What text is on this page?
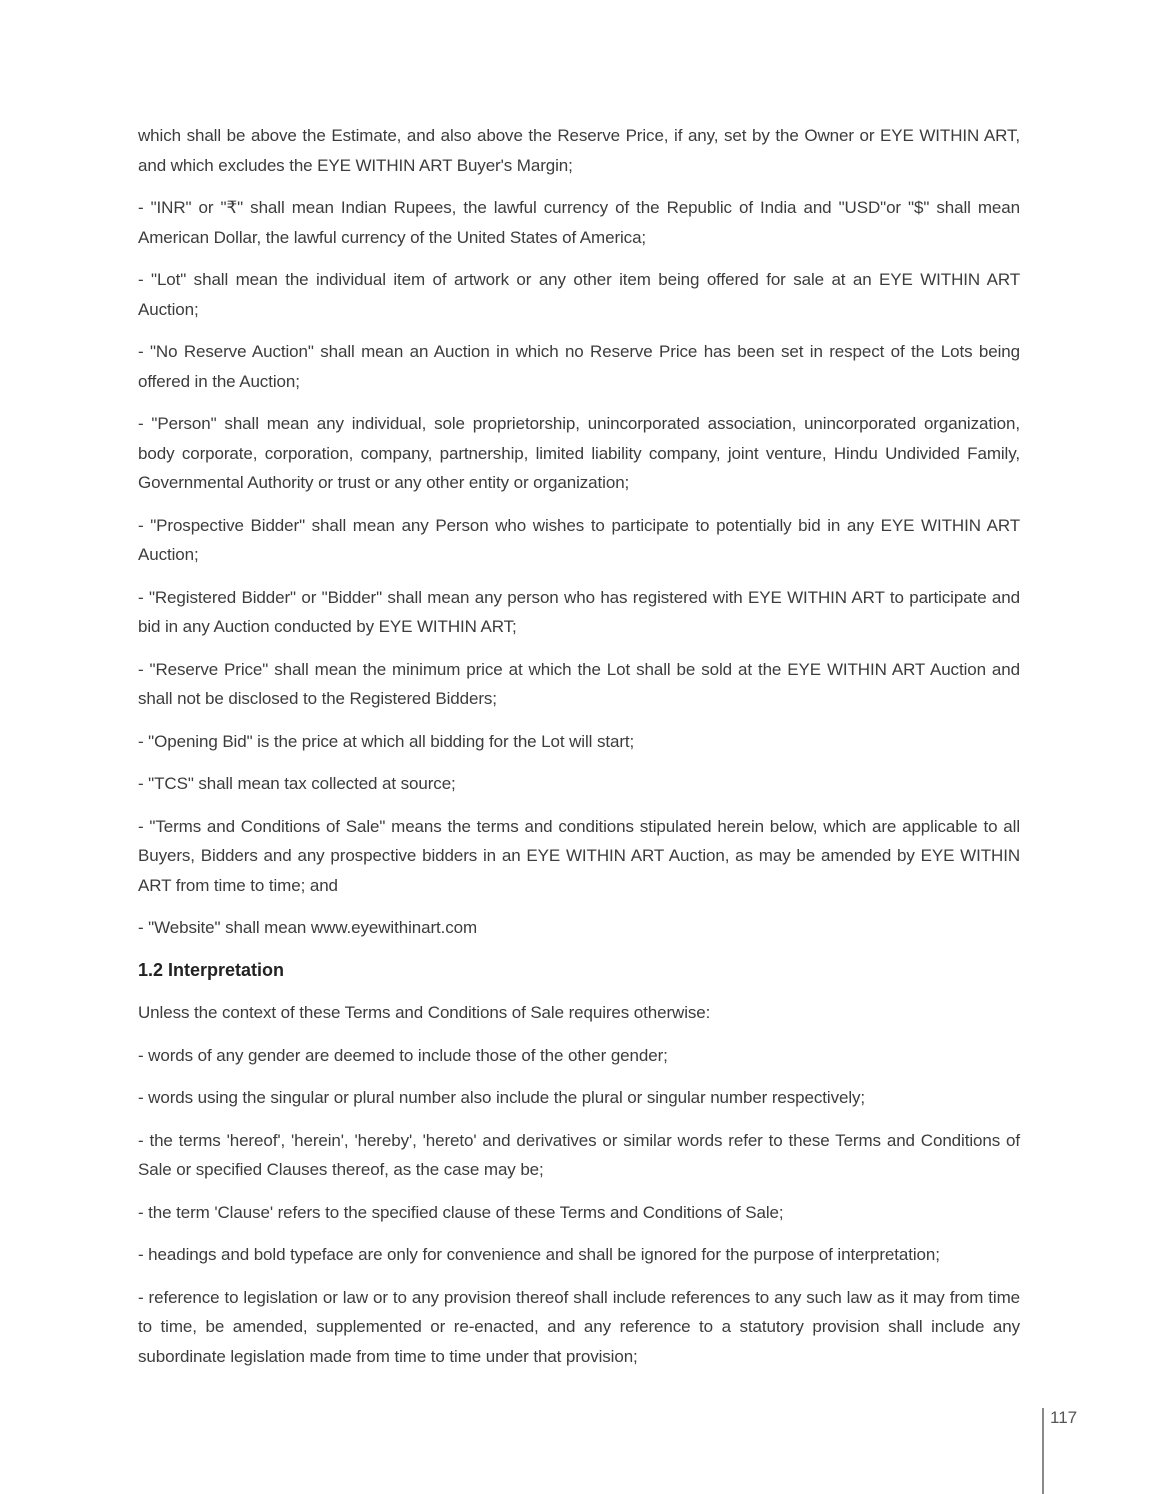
which shall be above the Estimate, and also above the Reserve Price, if any, set by the Owner or EYE WITHIN ART, and which excludes the EYE WITHIN ART Buyer's Margin;

- "INR" or "₹" shall mean Indian Rupees, the lawful currency of the Republic of India and "USD"or "$" shall mean American Dollar, the lawful currency of the United States of America;

- "Lot" shall mean the individual item of artwork or any other item being offered for sale at an EYE WITHIN ART Auction;

- "No Reserve Auction" shall mean an Auction in which no Reserve Price has been set in respect of the Lots being offered in the Auction;

- "Person" shall mean any individual, sole proprietorship, unincorporated association, unincorporated organization, body corporate, corporation, company, partnership, limited liability company, joint venture, Hindu Undivided Family, Governmental Authority or trust or any other entity or organization;

- "Prospective Bidder" shall mean any Person who wishes to participate to potentially bid in any EYE WITHIN ART Auction;

- "Registered Bidder" or "Bidder" shall mean any person who has registered with EYE WITHIN ART to participate and bid in any Auction conducted by EYE WITHIN ART;

- "Reserve Price" shall mean the minimum price at which the Lot shall be sold at the EYE WITHIN ART Auction and shall not be disclosed to the Registered Bidders;

- "Opening Bid" is the price at which all bidding for the Lot will start;

- "TCS" shall mean tax collected at source;

- "Terms and Conditions of Sale" means the terms and conditions stipulated herein below, which are applicable to all Buyers, Bidders and any prospective bidders in an EYE WITHIN ART Auction, as may be amended by EYE WITHIN ART from time to time; and

- "Website" shall mean www.eyewithinart.com

1.2 Interpretation

Unless the context of these Terms and Conditions of Sale requires otherwise:

- words of any gender are deemed to include those of the other gender;

- words using the singular or plural number also include the plural or singular number respectively;

- the terms 'hereof', 'herein', 'hereby', 'hereto' and derivatives or similar words refer to these Terms and Conditions of Sale or specified Clauses thereof, as the case may be;

- the term 'Clause' refers to the specified clause of these Terms and Conditions of Sale;

- headings and bold typeface are only for convenience and shall be ignored for the purpose of interpretation;

- reference to legislation or law or to any provision thereof shall include references to any such law as it may from time to time, be amended, supplemented or re-enacted, and any reference to a statutory provision shall include any subordinate legislation made from time to time under that provision;

117
